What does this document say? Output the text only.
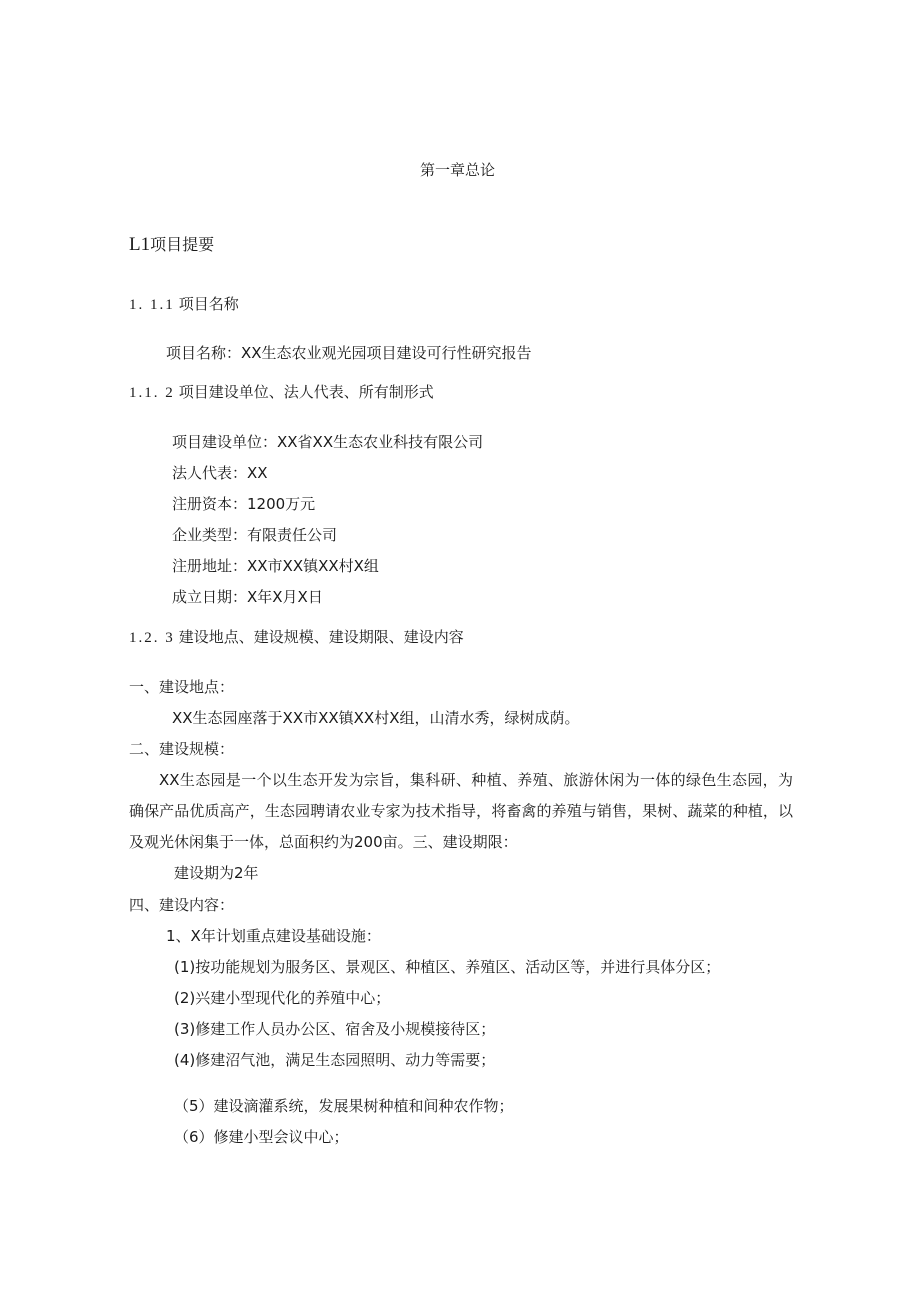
第一章总论
L1项目提要
1. 1.1 项目名称
项目名称：XX生态农业观光园项目建设可行性研究报告
1.1. 2 项目建设单位、法人代表、所有制形式
项目建设单位：XX省XX生态农业科技有限公司
法人代表：XX
注册资本：1200万元
企业类型：有限责任公司
注册地址：XX市XX镇XX村X组
成立日期：X年X月X日
1.2. 3 建设地点、建设规模、建设期限、建设内容
一、建设地点：
XX生态园座落于XX市XX镇XX村X组，山清水秀，绿树成荫。
二、建设规模：
XX生态园是一个以生态开发为宗旨，集科研、种植、养殖、旅游休闲为一体的绿色生态园，为确保产品优质高产，生态园聘请农业专家为技术指导，将畜禽的养殖与销售，果树、蔬菜的种植，以及观光休闲集于一体，总面积约为200亩。三、建设期限：
建设期为2年
四、建设内容：
1、X年计划重点建设基础设施：
(1)按功能规划为服务区、景观区、种植区、养殖区、活动区等，并进行具体分区；
(2)兴建小型现代化的养殖中心；
(3)修建工作人员办公区、宿舍及小规模接待区；
(4)修建沼气池，满足生态园照明、动力等需要；
（5）建设滴灌系统，发展果树种植和间种农作物；
（6）修建小型会议中心；
